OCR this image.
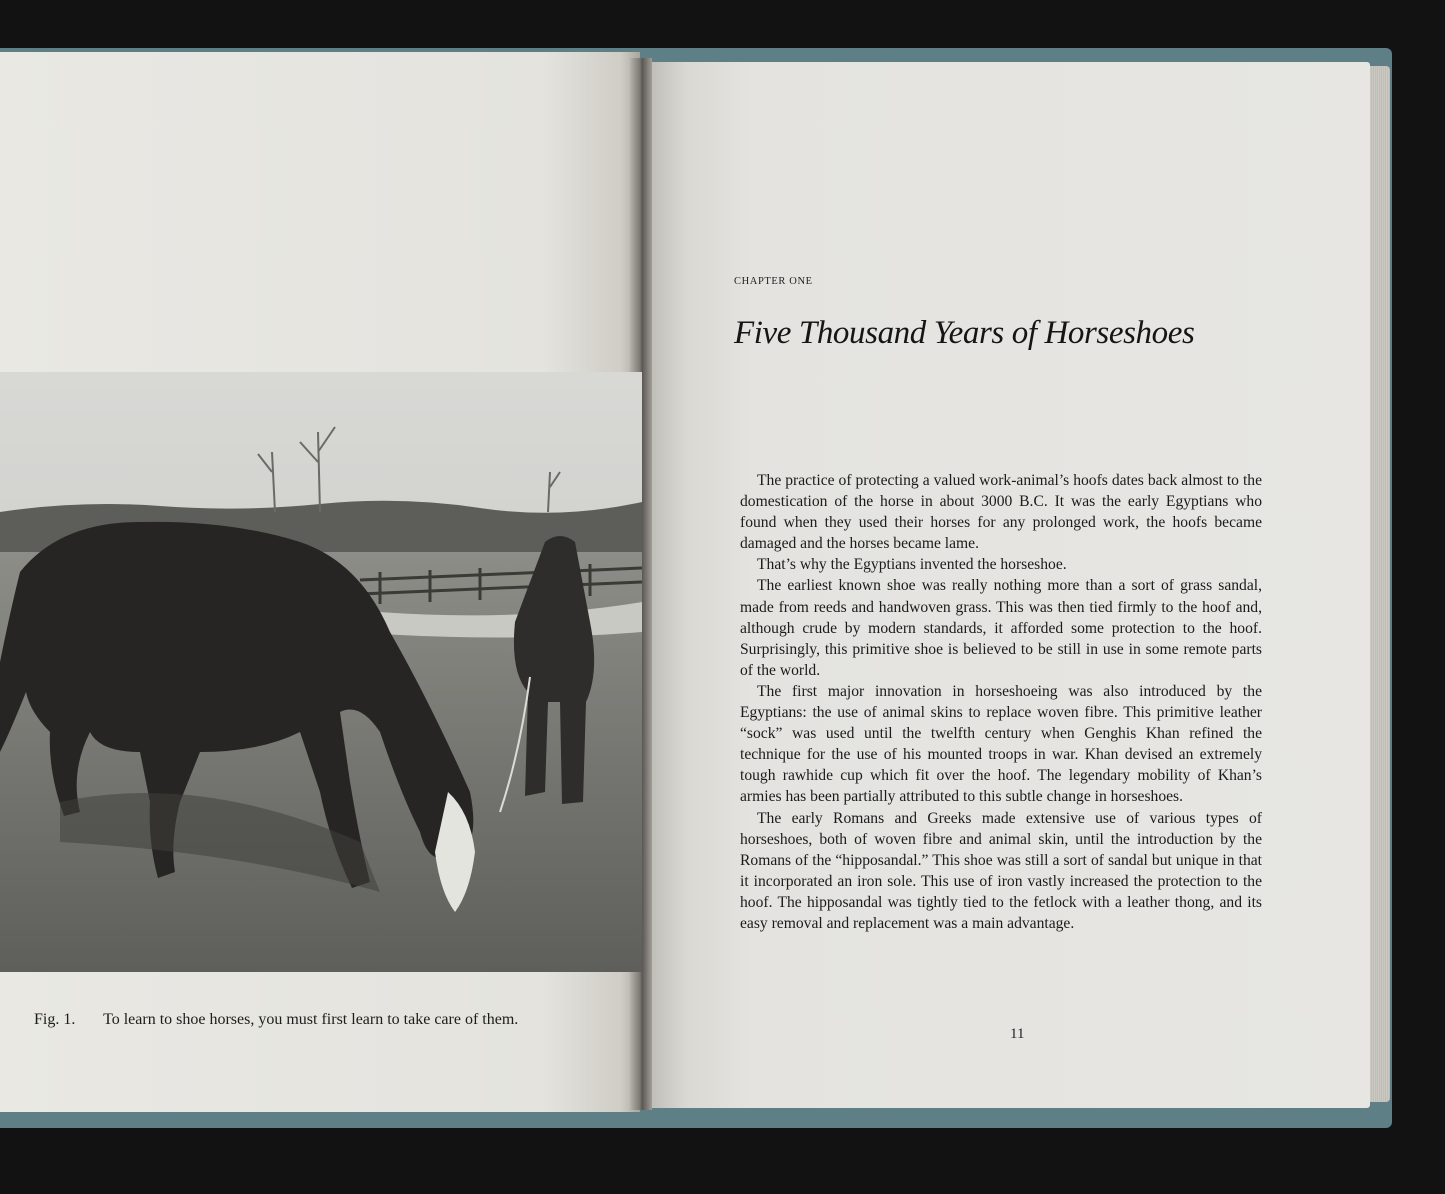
Fig. 1. To learn to shoe horses, you must first learn to take care of them.
CHAPTER ONE
Five Thousand Years of Horseshoes

The practice of protecting a valued work-animal’s hoofs dates back almost to the domestication of the horse in about 3000 B.C. It was the early Egyptians who found when they used their horses for any prolonged work, the hoofs became damaged and the horses became lame.

That’s why the Egyptians invented the horseshoe.

The earliest known shoe was really nothing more than a sort of grass sandal, made from reeds and handwoven grass. This was then tied firmly to the hoof and, although crude by modern standards, it afforded some protection to the hoof. Surprisingly, this primitive shoe is believed to be still in use in some remote parts of the world.

The first major innovation in horseshoeing was also introduced by the Egyptians: the use of animal skins to replace woven fibre. This primitive leather “sock” was used until the twelfth century when Genghis Khan refined the technique for the use of his mounted troops in war. Khan devised an extremely tough rawhide cup which fit over the hoof. The legendary mobility of Khan’s armies has been partially attributed to this subtle change in horseshoes.

The early Romans and Greeks made extensive use of various types of horseshoes, both of woven fibre and animal skin, until the introduction by the Romans of the “hipposandal.” This shoe was still a sort of sandal but unique in that it incorporated an iron sole. This use of iron vastly increased the protection to the hoof. The hipposandal was tightly tied to the fetlock with a leather thong, and its easy removal and replacement was a main advantage.

11
